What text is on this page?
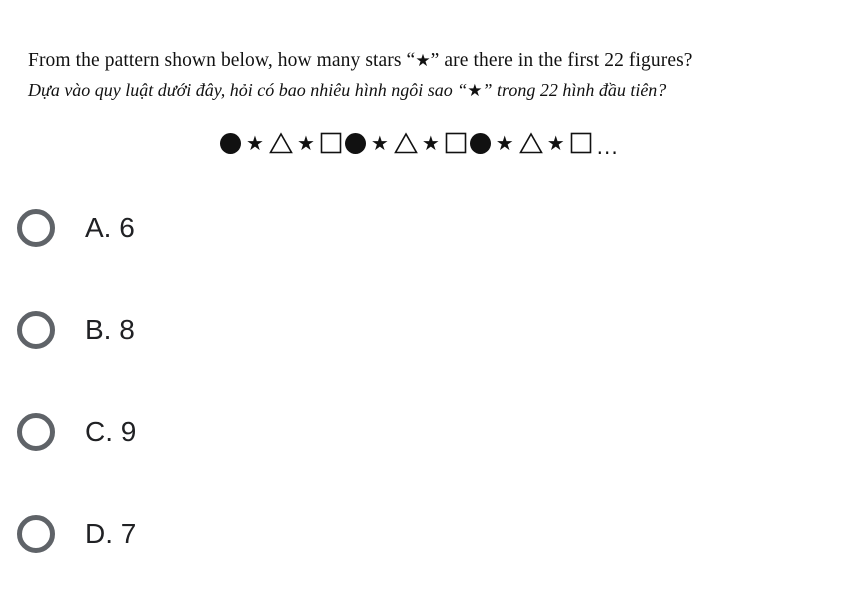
From the pattern shown below, how many stars “★” are there in the first 22 figures?
Dựa vào quy luật dưới đây, hỏi có bao nhiêu hình ngôi sao “★” trong 22 hình đầu tiên?
★ ★	★ ★	★ ★ ...
A. 6
B. 8
C. 9
D. 7
